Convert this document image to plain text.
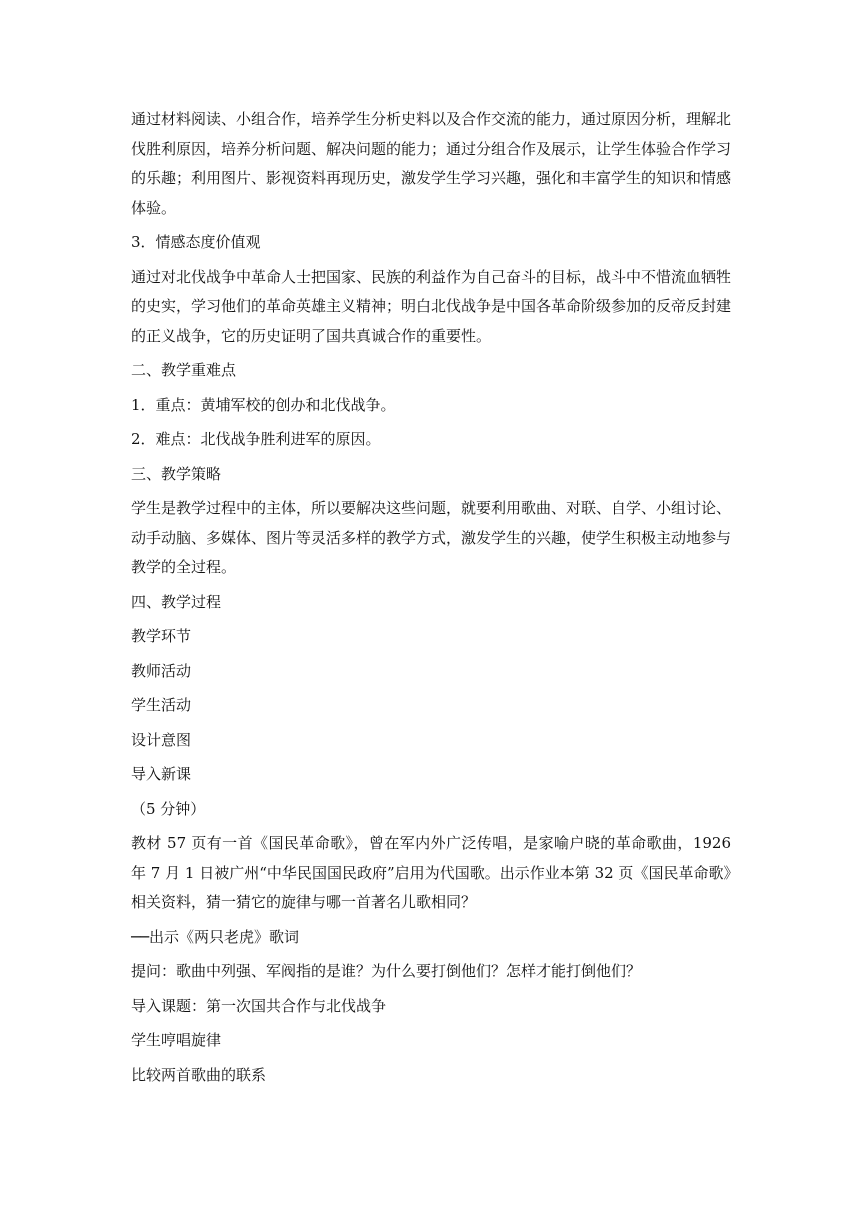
通过材料阅读、小组合作，培养学生分析史料以及合作交流的能力，通过原因分析，理解北伐胜利原因，培养分析问题、解决问题的能力；通过分组合作及展示，让学生体验合作学习的乐趣；利用图片、影视资料再现历史，激发学生学习兴趣，强化和丰富学生的知识和情感体验。

3．情感态度价值观

通过对北伐战争中革命人士把国家、民族的利益作为自己奋斗的目标，战斗中不惜流血牺牲的史实，学习他们的革命英雄主义精神；明白北伐战争是中国各革命阶级参加的反帝反封建的正义战争，它的历史证明了国共真诚合作的重要性。

二、教学重难点

1．重点：黄埔军校的创办和北伐战争。

2．难点：北伐战争胜利进军的原因。

三、教学策略

学生是教学过程中的主体，所以要解决这些问题，就要利用歌曲、对联、自学、小组讨论、动手动脑、多媒体、图片等灵活多样的教学方式，激发学生的兴趣，使学生积极主动地参与教学的全过程。

四、教学过程

教学环节

教师活动

学生活动

设计意图

导入新课

（5 分钟）

教材 57 页有一首《国民革命歌》，曾在军内外广泛传唱，是家喻户晓的革命歌曲，1926 年 7 月 1 日被广州“中华民国国民政府”启用为代国歌。出示作业本第 32 页《国民革命歌》相关资料，猜一猜它的旋律与哪一首著名儿歌相同？

──出示《两只老虎》歌词

提问：歌曲中列强、军阀指的是谁？为什么要打倒他们？怎样才能打倒他们？

导入课题：第一次国共合作与北伐战争

学生哼唱旋律

比较两首歌曲的联系
